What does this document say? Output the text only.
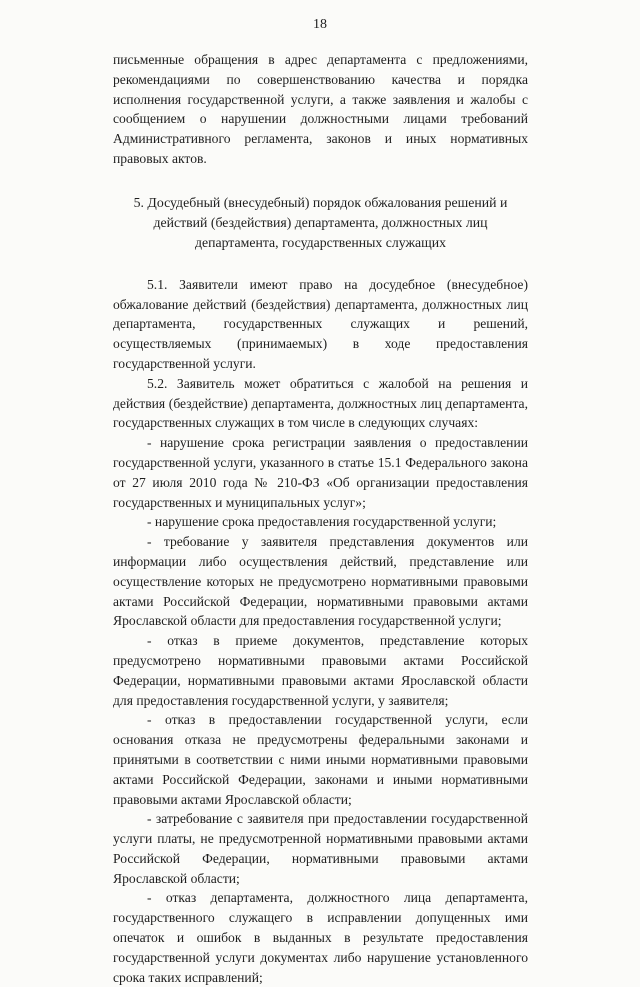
18

письменные обращения в адрес департамента с предложениями, рекомендациями по совершенствованию качества и порядка исполнения государственной услуги, а также заявления и жалобы с сообщением о нарушении должностными лицами требований Административного регламента, законов и иных нормативных правовых актов.

5. Досудебный (внесудебный) порядок обжалования решений и
действий (бездействия) департамента, должностных лиц
департамента, государственных служащих

5.1. Заявители имеют право на досудебное (внесудебное) обжалование действий (бездействия) департамента, должностных лиц департамента, государственных служащих и решений, осуществляемых (принимаемых) в ходе предоставления государственной услуги.

5.2. Заявитель может обратиться с жалобой на решения и действия (бездействие) департамента, должностных лиц департамента, государственных служащих в том числе в следующих случаях:

- нарушение срока регистрации заявления о предоставлении государственной услуги, указанного в статье 15.1 Федерального закона от 27 июля 2010 года № 210-ФЗ «Об организации предоставления государственных и муниципальных услуг»;

- нарушение срока предоставления государственной услуги;

- требование у заявителя представления документов или информации либо осуществления действий, представление или осуществление которых не предусмотрено нормативными правовыми актами Российской Федерации, нормативными правовыми актами Ярославской области для предоставления государственной услуги;

- отказ в приеме документов, представление которых предусмотрено нормативными правовыми актами Российской Федерации, нормативными правовыми актами Ярославской области для предоставления государственной услуги, у заявителя;

- отказ в предоставлении государственной услуги, если основания отказа не предусмотрены федеральными законами и принятыми в соответствии с ними иными нормативными правовыми актами Российской Федерации, законами и иными нормативными правовыми актами Ярославской области;

- затребование с заявителя при предоставлении государственной услуги платы, не предусмотренной нормативными правовыми актами Российской Федерации, нормативными правовыми актами Ярославской области;

- отказ департамента, должностного лица департамента, государственного служащего в исправлении допущенных ими опечаток и ошибок в выданных в результате предоставления государственной услуги документах либо нарушение установленного срока таких исправлений;
